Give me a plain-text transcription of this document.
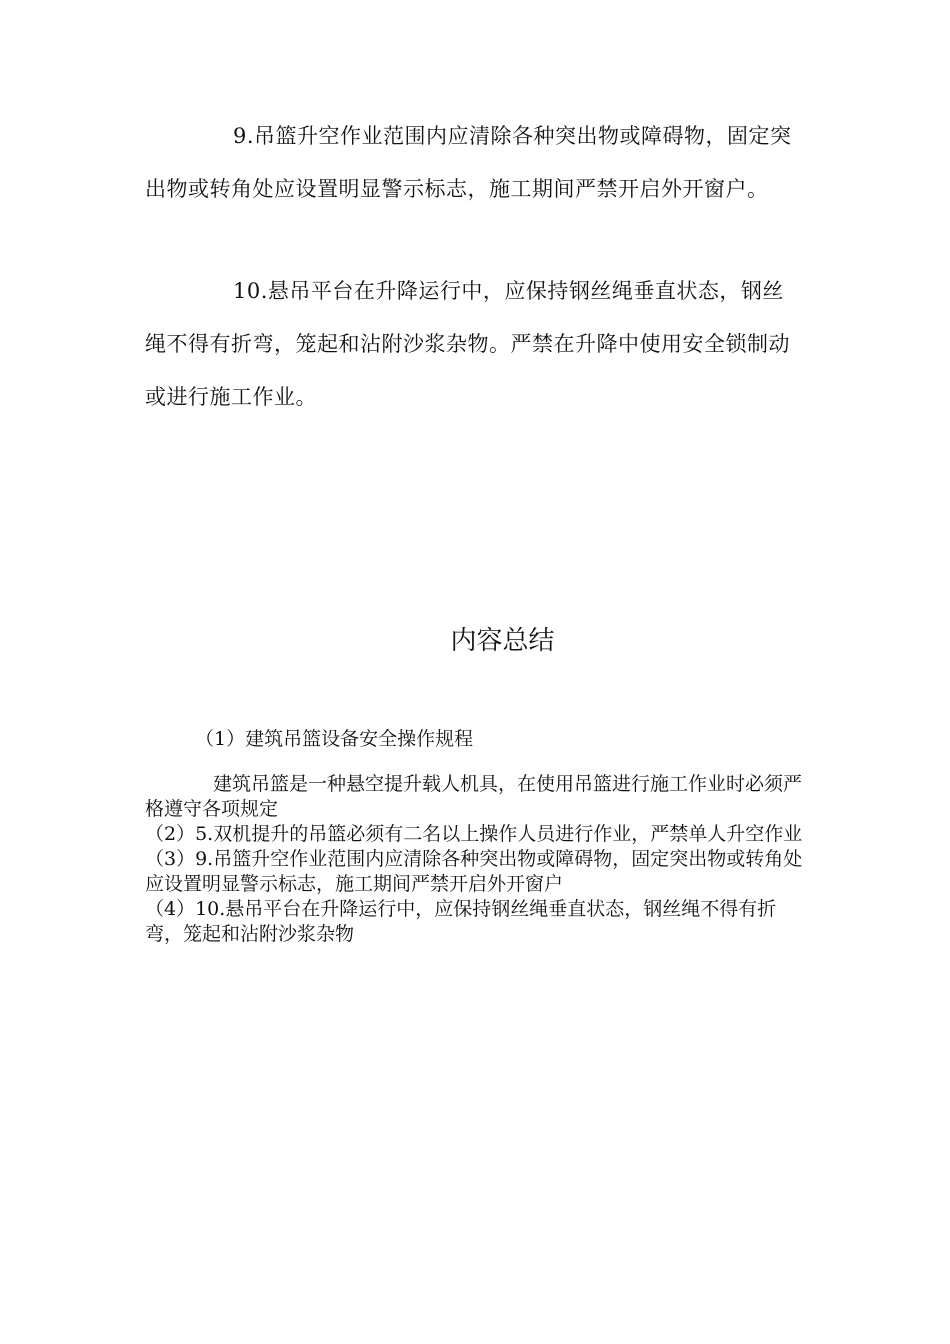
9.吊篮升空作业范围内应清除各种突出物或障碍物，固定突出物或转角处应设置明显警示标志，施工期间严禁开启外开窗户。

10.悬吊平台在升降运行中，应保持钢丝绳垂直状态，钢丝绳不得有折弯，笼起和沾附沙浆杂物。严禁在升降中使用安全锁制动或进行施工作业。

内容总结

（1）建筑吊篮设备安全操作规程

建筑吊篮是一种悬空提升载人机具，在使用吊篮进行施工作业时必须严格遵守各项规定
（2）5.双机提升的吊篮必须有二名以上操作人员进行作业，严禁单人升空作业
（3）9.吊篮升空作业范围内应清除各种突出物或障碍物，固定突出物或转角处应设置明显警示标志，施工期间严禁开启外开窗户
（4）10.悬吊平台在升降运行中，应保持钢丝绳垂直状态，钢丝绳不得有折弯，笼起和沾附沙浆杂物
